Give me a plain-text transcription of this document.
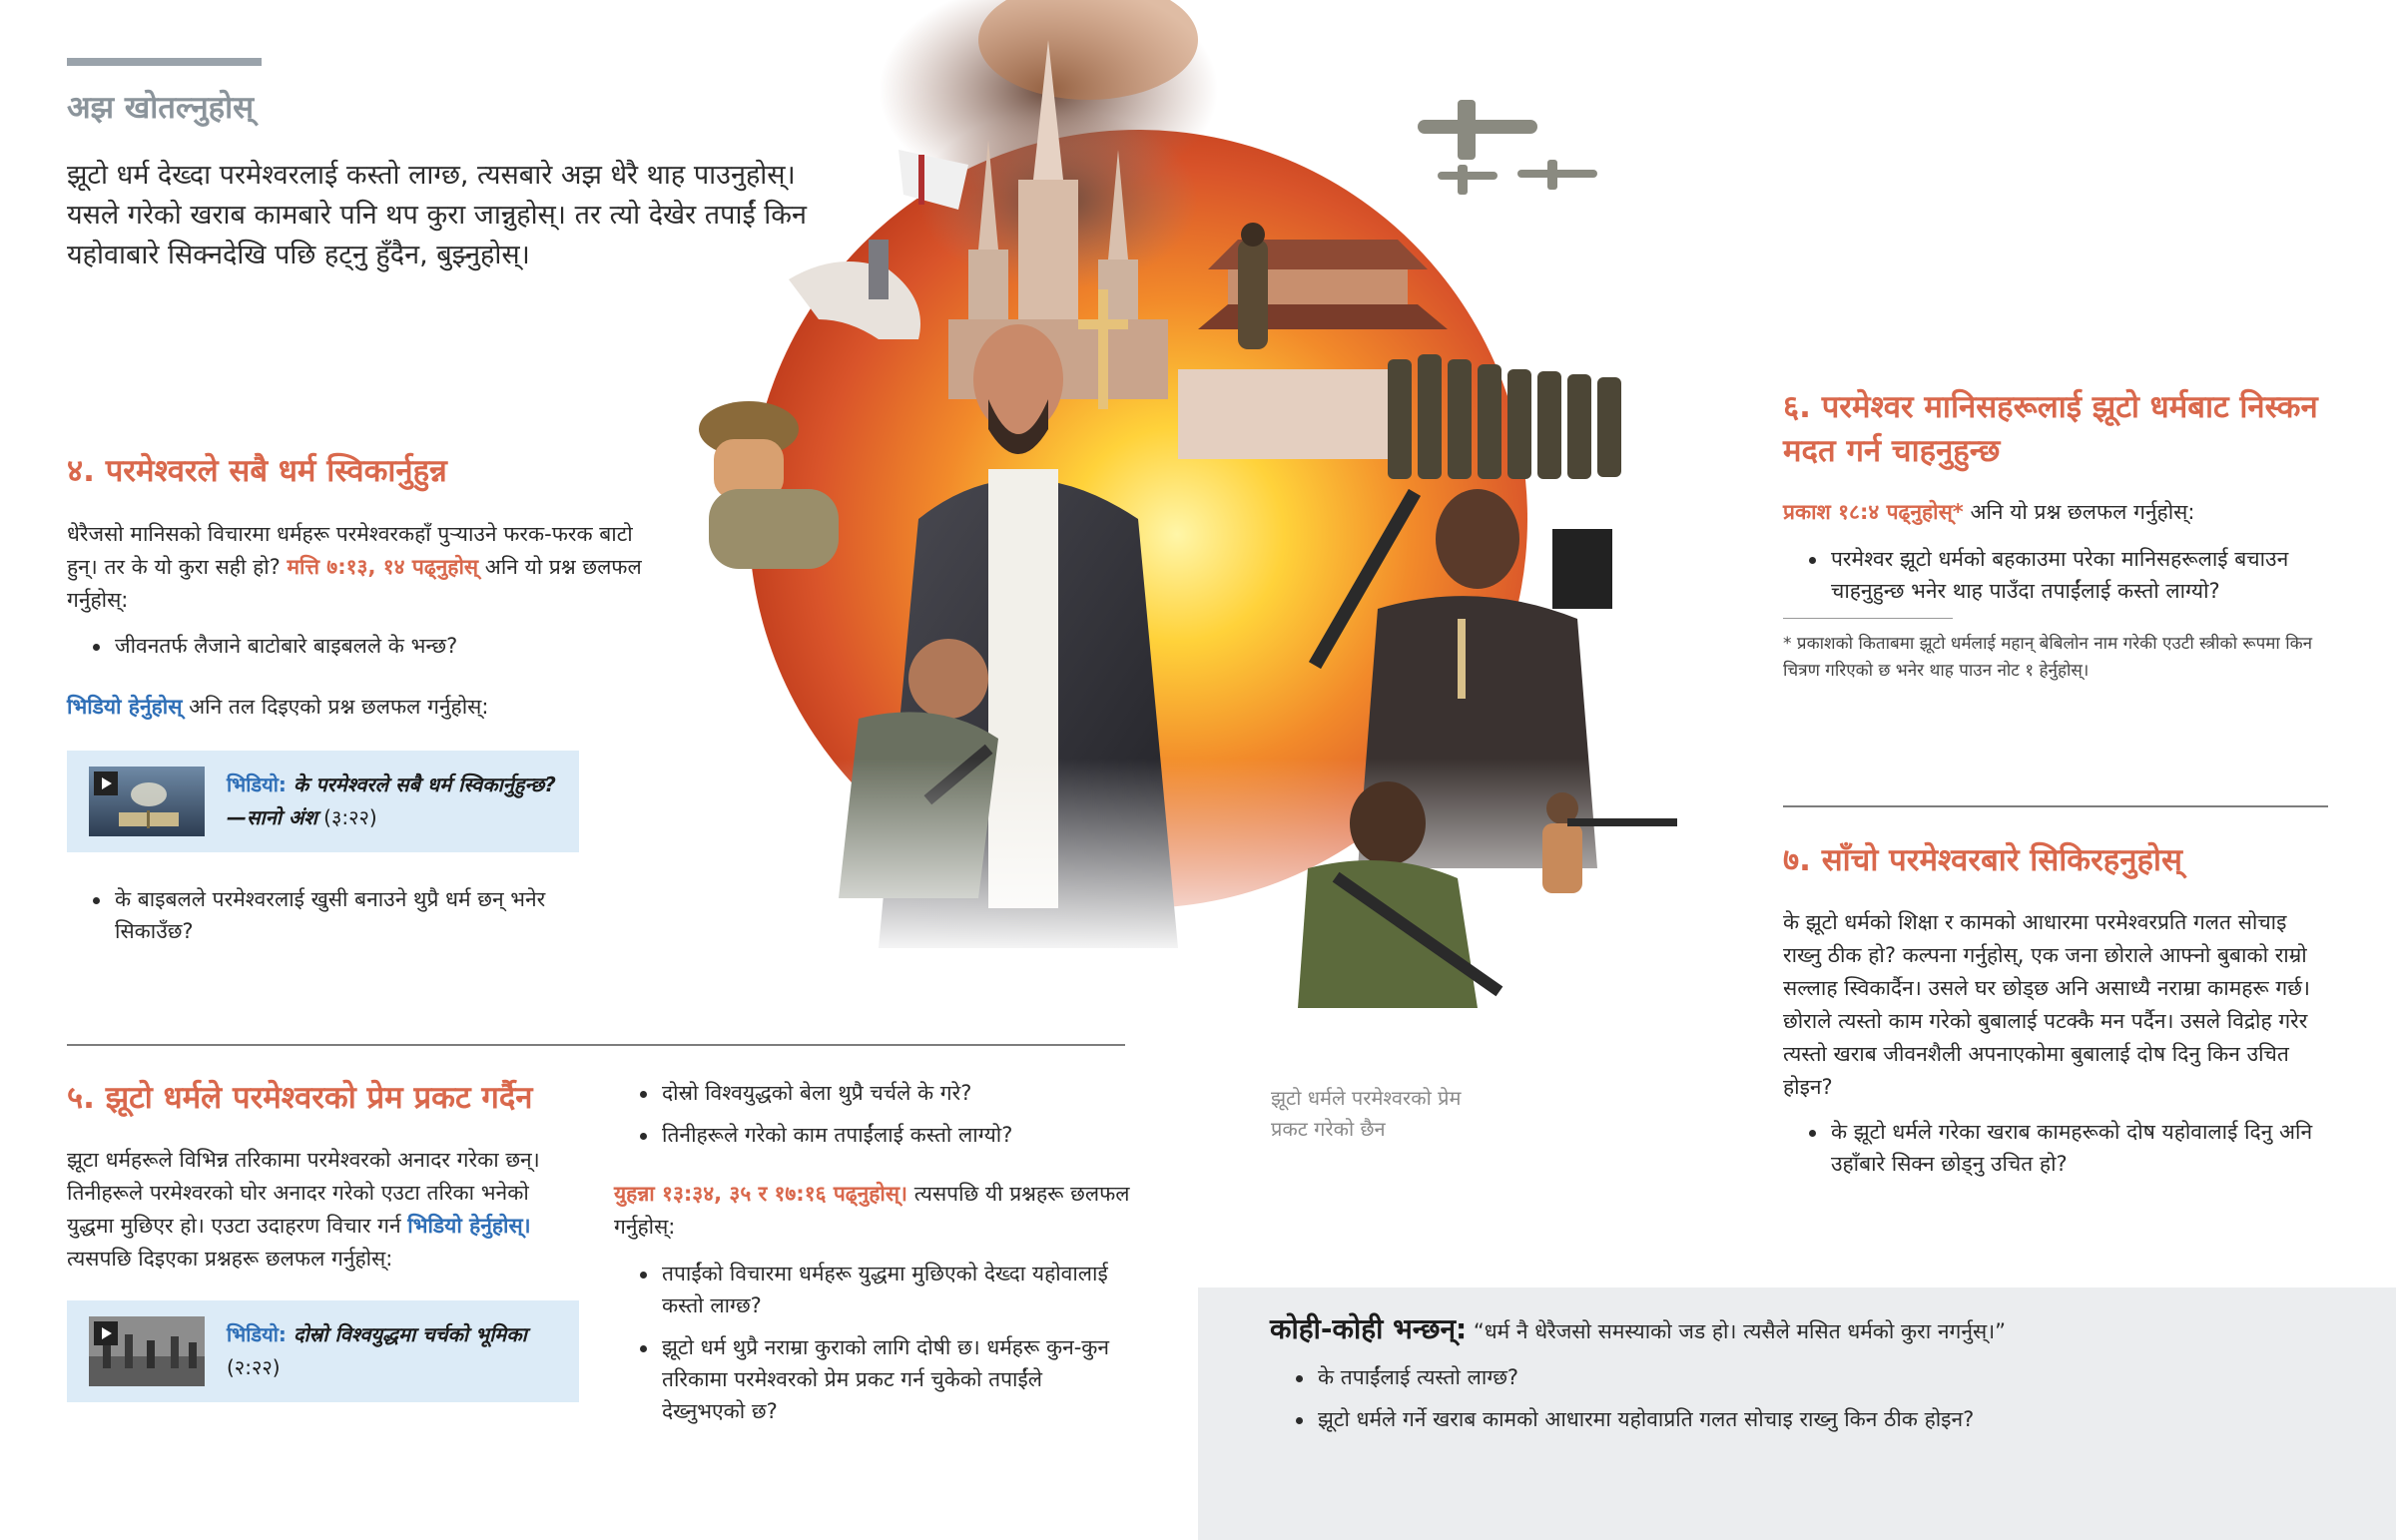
अझ खोतल्नुहोस्
झूटो धर्म देख्दा परमेश्वरलाई कस्तो लाग्छ, त्यसबारे अझ धेरै थाह पाउनुहोस्। यसले गरेको खराब कामबारे पनि थप कुरा जान्नुहोस्। तर त्यो देखेर तपाईं किन यहोवाबारे सिक्नदेखि पछि हट्नु हुँदैन, बुझ्नुहोस्।
४. परमेश्वरले सबै धर्म स्विकार्नुहुन्न
धेरैजसो मानिसको विचारमा धर्महरू परमेश्वरकहाँ पुऱ्याउने फरक-फरक बाटो हुन्। तर के यो कुरा सही हो? मत्ति ७:१३, १४ पढ्नुहोस् अनि यो प्रश्न छलफल गर्नुहोस्:
जीवनतर्फ लैजाने बाटोबारे बाइबलले के भन्छ?
भिडियो हेर्नुहोस् अनि तल दिइएको प्रश्न छलफल गर्नुहोस्:
भिडियो: के परमेश्वरले सबै धर्म स्विकार्नुहुन्छ? —सानो अंश (३:२२)
के बाइबलले परमेश्वरलाई खुसी बनाउने थुप्रै धर्म छन् भनेर सिकाउँछ?
५. झूटो धर्मले परमेश्वरको प्रेम प्रकट गर्दैन
झूटा धर्महरूले विभिन्न तरिकामा परमेश्वरको अनादर गरेका छन्। तिनीहरूले परमेश्वरको घोर अनादर गरेको एउटा तरिका भनेको युद्धमा मुछिएर हो। एउटा उदाहरण विचार गर्न भिडियो हेर्नुहोस्। त्यसपछि दिइएका प्रश्नहरू छलफल गर्नुहोस्:
भिडियो: दोस्रो विश्वयुद्धमा चर्चको भूमिका
(२:२२)
दोस्रो विश्वयुद्धको बेला थुप्रै चर्चले के गरे?
तिनीहरूले गरेको काम तपाईंलाई कस्तो लाग्यो?
युहन्ना १३:३४, ३५ र १७:१६ पढ्नुहोस्। त्यसपछि यी प्रश्नहरू छलफल गर्नुहोस्:
तपाईंको विचारमा धर्महरू युद्धमा मुछिएको देख्दा यहोवालाई कस्तो लाग्छ?
झूटो धर्म थुप्रै नराम्रा कुराको लागि दोषी छ। धर्महरू कुन-कुन तरिकामा परमेश्वरको प्रेम प्रकट गर्न चुकेको तपाईंले देख्नुभएको छ?
झूटो धर्मले परमेश्वरको प्रेम प्रकट गरेको छैन
६. परमेश्वर मानिसहरूलाई झूटो धर्मबाट निस्कन मदत गर्न चाहनुहुन्छ
प्रकाश १८:४ पढ्नुहोस्* अनि यो प्रश्न छलफल गर्नुहोस्:
परमेश्वर झूटो धर्मको बहकाउमा परेका मानिसहरूलाई बचाउन चाहनुहुन्छ भनेर थाह पाउँदा तपाईंलाई कस्तो लाग्यो?
* प्रकाशको किताबमा झूटो धर्मलाई महान् बेबिलोन नाम गरेकी एउटी स्त्रीको रूपमा किन चित्रण गरिएको छ भनेर थाह पाउन नोट १ हेर्नुहोस्।
७. साँचो परमेश्वरबारे सिकिरहनुहोस्
के झूटो धर्मको शिक्षा र कामको आधारमा परमेश्वरप्रति गलत सोचाइ राख्नु ठीक हो? कल्पना गर्नुहोस्, एक जना छोराले आफ्नो बुबाको राम्रो सल्लाह स्विकार्दैन। उसले घर छोड्छ अनि असाध्यै नराम्रा कामहरू गर्छ। छोराले त्यस्तो काम गरेको बुबालाई पटक्कै मन पर्दैन। उसले विद्रोह गरेर त्यस्तो खराब जीवनशैली अपनाएकोमा बुबालाई दोष दिनु किन उचित होइन?
के झूटो धर्मले गरेका खराब कामहरूको दोष यहोवालाई दिनु अनि उहाँबारे सिक्न छोड्नु उचित हो?
कोही-कोही भन्छन्: “धर्म नै धेरैजसो समस्याको जड हो। त्यसैले मसित धर्मको कुरा नगर्नुस्।”
के तपाईंलाई त्यस्तो लाग्छ?
झूटो धर्मले गर्ने खराब कामको आधारमा यहोवाप्रति गलत सोचाइ राख्नु किन ठीक होइन?
